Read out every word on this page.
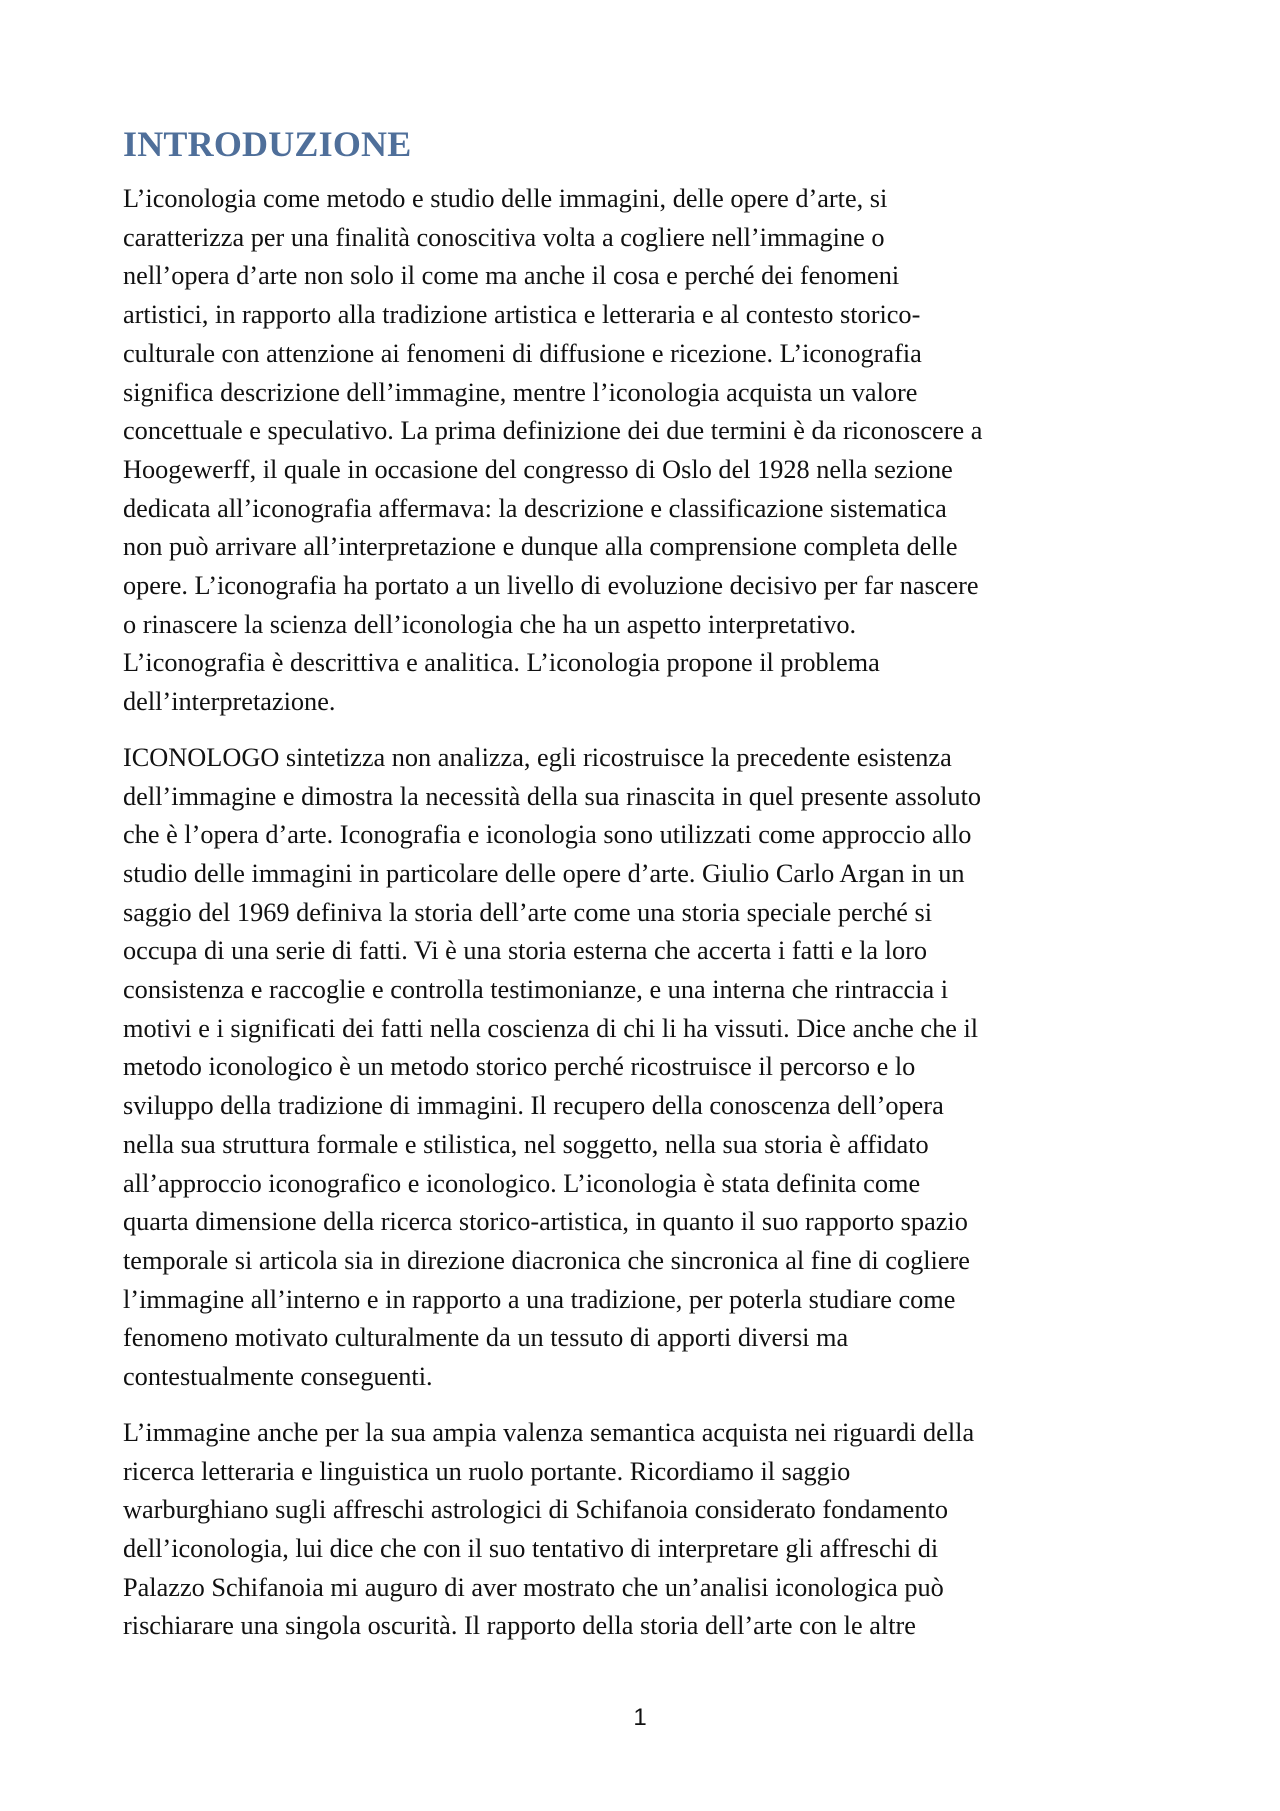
INTRODUZIONE

L’iconologia come metodo e studio delle immagini, delle opere d’arte, si
caratterizza per una finalità conoscitiva volta a cogliere nell’immagine o
nell’opera d’arte non solo il come ma anche il cosa e perché dei fenomeni
artistici, in rapporto alla tradizione artistica e letteraria e al contesto storico-
culturale con attenzione ai fenomeni di diffusione e ricezione. L’iconografia
significa descrizione dell’immagine, mentre l’iconologia acquista un valore
concettuale e speculativo. La prima definizione dei due termini è da riconoscere a
Hoogewerff, il quale in occasione del congresso di Oslo del 1928 nella sezione
dedicata all’iconografia affermava: la descrizione e classificazione sistematica
non può arrivare all’interpretazione e dunque alla comprensione completa delle
opere. L’iconografia ha portato a un livello di evoluzione decisivo per far nascere
o rinascere la scienza dell’iconologia che ha un aspetto interpretativo.
L’iconografia è descrittiva e analitica. L’iconologia propone il problema
dell’interpretazione.

ICONOLOGO sintetizza non analizza, egli ricostruisce la precedente esistenza
dell’immagine e dimostra la necessità della sua rinascita in quel presente assoluto
che è l’opera d’arte. Iconografia e iconologia sono utilizzati come approccio allo
studio delle immagini in particolare delle opere d’arte. Giulio Carlo Argan in un
saggio del 1969 definiva la storia dell’arte come una storia speciale perché si
occupa di una serie di fatti. Vi è una storia esterna che accerta i fatti e la loro
consistenza e raccoglie e controlla testimonianze, e una interna che rintraccia i
motivi e i significati dei fatti nella coscienza di chi li ha vissuti. Dice anche che il
metodo iconologico è un metodo storico perché ricostruisce il percorso e lo
sviluppo della tradizione di immagini. Il recupero della conoscenza dell’opera
nella sua struttura formale e stilistica, nel soggetto, nella sua storia è affidato
all’approccio iconografico e iconologico. L’iconologia è stata definita come
quarta dimensione della ricerca storico-artistica, in quanto il suo rapporto spazio
temporale si articola sia in direzione diacronica che sincronica al fine di cogliere
l’immagine all’interno e in rapporto a una tradizione, per poterla studiare come
fenomeno motivato culturalmente da un tessuto di apporti diversi ma
contestualmente conseguenti.

L’immagine anche per la sua ampia valenza semantica acquista nei riguardi della
ricerca letteraria e linguistica un ruolo portante. Ricordiamo il saggio
warburghiano sugli affreschi astrologici di Schifanoia considerato fondamento
dell’iconologia, lui dice che con il suo tentativo di interpretare gli affreschi di
Palazzo Schifanoia mi auguro di aver mostrato che un’analisi iconologica può
rischiarare una singola oscurità. Il rapporto della storia dell’arte con le altre

1
